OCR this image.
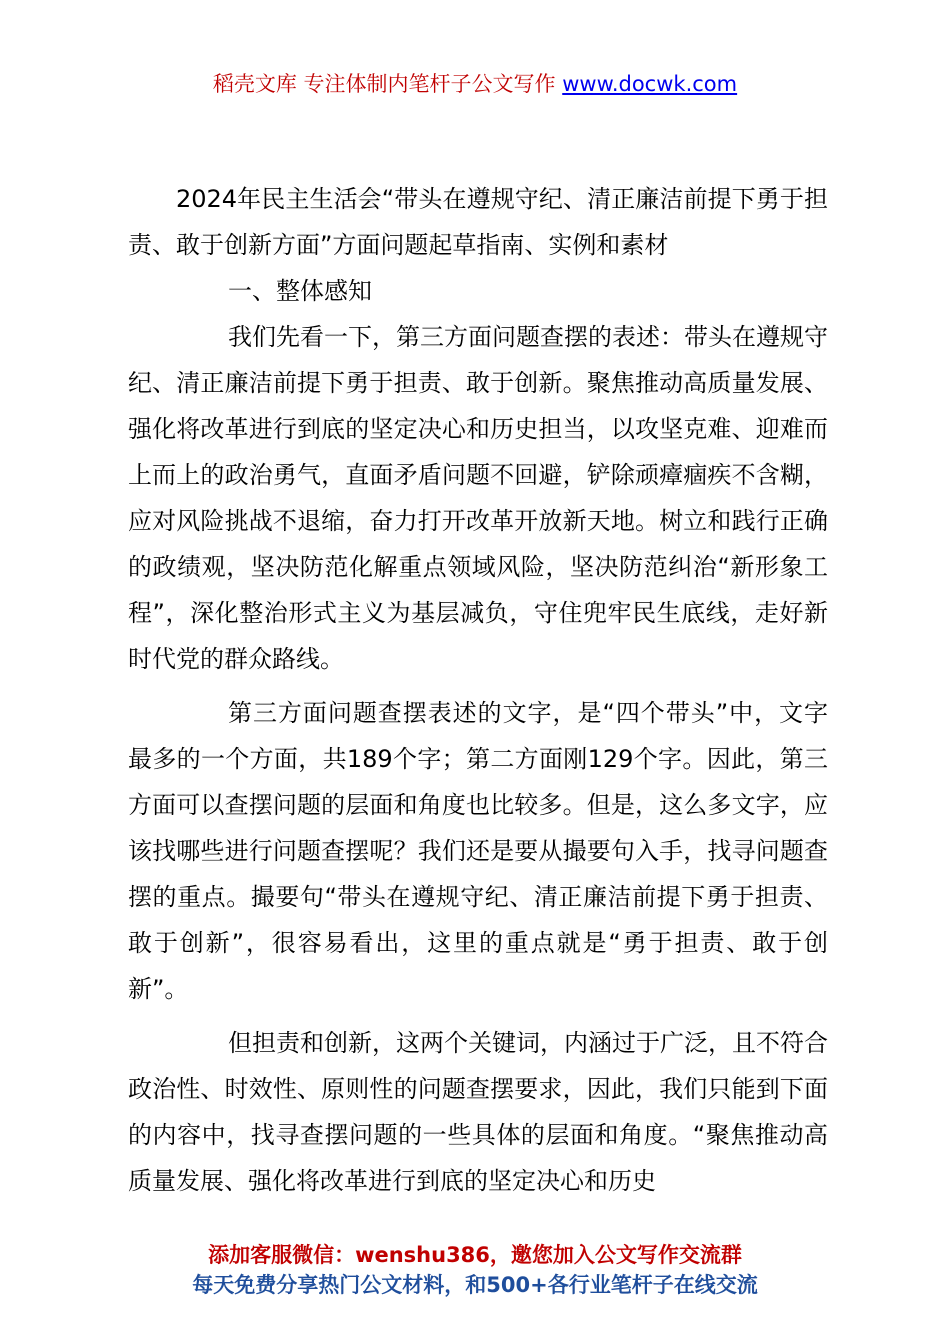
稻壳文库 专注体制内笔杆子公文写作 www.docwk.com

2024年民主生活会“带头在遵规守纪、清正廉洁前提下勇于担责、敢于创新方面”方面问题起草指南、实例和素材

一、整体感知

我们先看一下，第三方面问题查摆的表述：带头在遵规守纪、清正廉洁前提下勇于担责、敢于创新。聚焦推动高质量发展、强化将改革进行到底的坚定决心和历史担当，以攻坚克难、迎难而上而上的政治勇气，直面矛盾问题不回避，铲除顽瘴痼疾不含糊，应对风险挑战不退缩，奋力打开改革开放新天地。树立和践行正确的政绩观，坚决防范化解重点领域风险，坚决防范纠治“新形象工程”，深化整治形式主义为基层减负，守住兜牢民生底线，走好新时代党的群众路线。

第三方面问题查摆表述的文字，是“四个带头”中，文字最多的一个方面，共189个字；第二方面刚129个字。因此，第三方面可以查摆问题的层面和角度也比较多。但是，这么多文字，应该找哪些进行问题查摆呢？我们还是要从撮要句入手，找寻问题查摆的重点。撮要句“带头在遵规守纪、清正廉洁前提下勇于担责、敢于创新”，很容易看出，这里的重点就是“勇于担责、敢于创新”。

但担责和创新，这两个关键词，内涵过于广泛，且不符合政治性、时效性、原则性的问题查摆要求，因此，我们只能到下面的内容中，找寻查摆问题的一些具体的层面和角度。“聚焦推动高质量发展、强化将改革进行到底的坚定决心和历史

添加客服微信：wenshu386，邀您加入公文写作交流群
每天免费分享热门公文材料，和500+各行业笔杆子在线交流
